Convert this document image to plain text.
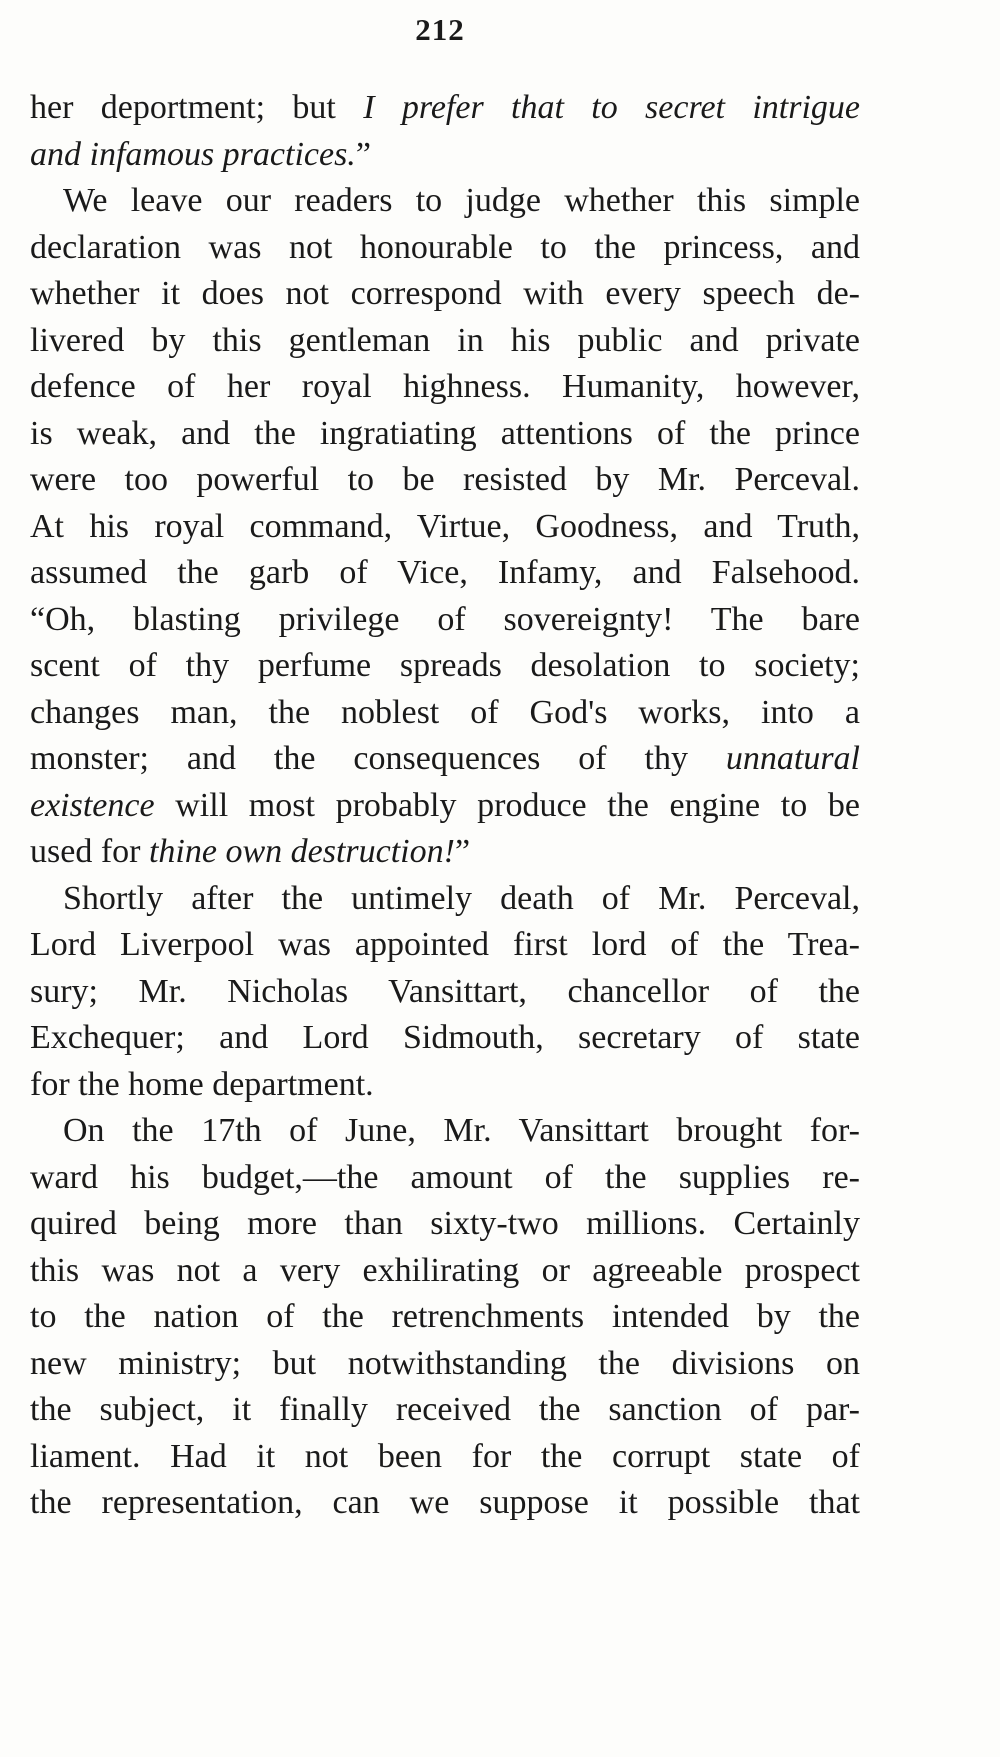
212
her deportment; but I prefer that to secret intrigue
and infamous practices.”
We leave our readers to judge whether this simple
declaration was not honourable to the princess, and
whether it does not correspond with every speech de-
livered by this gentleman in his public and private
defence of her royal highness. Humanity, however,
is weak, and the ingratiating attentions of the prince
were too powerful to be resisted by Mr. Perceval.
At his royal command, Virtue, Goodness, and Truth,
assumed the garb of Vice, Infamy, and Falsehood.
“Oh, blasting privilege of sovereignty! The bare
scent of thy perfume spreads desolation to society;
changes man, the noblest of God's works, into a
monster; and the consequences of thy unnatural
existence will most probably produce the engine to be
used for thine own destruction!”
Shortly after the untimely death of Mr. Perceval,
Lord Liverpool was appointed first lord of the Trea-
sury; Mr. Nicholas Vansittart, chancellor of the
Exchequer; and Lord Sidmouth, secretary of state
for the home department.
On the 17th of June, Mr. Vansittart brought for-
ward his budget,—the amount of the supplies re-
quired being more than sixty-two millions. Certainly
this was not a very exhilirating or agreeable prospect
to the nation of the retrenchments intended by the
new ministry; but notwithstanding the divisions on
the subject, it finally received the sanction of par-
liament. Had it not been for the corrupt state of
the representation, can we suppose it possible that
